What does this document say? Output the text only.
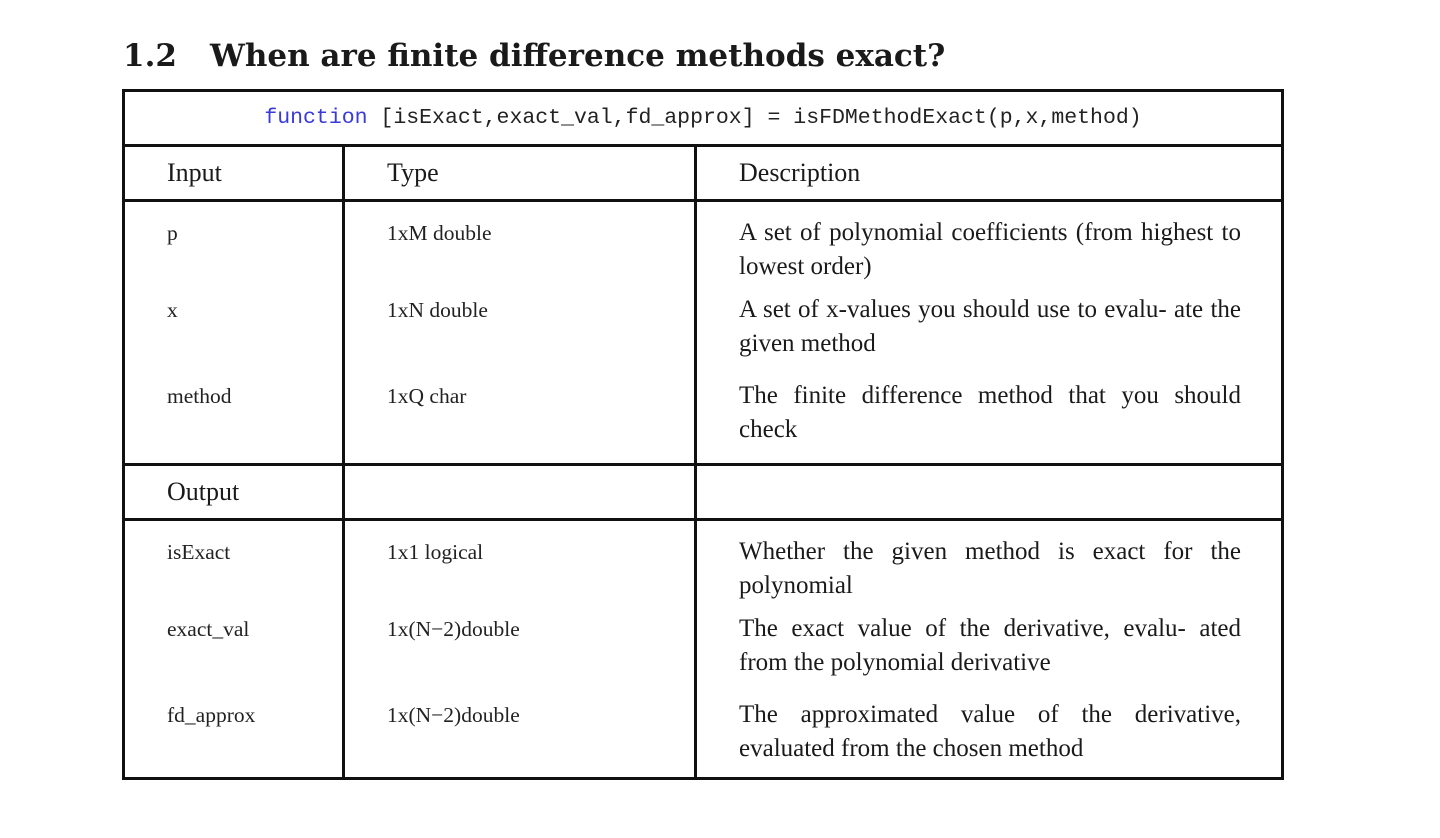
1.2 When are finite difference methods exact?
function [isExact,exact_val,fd_approx] = isFDMethodExact(p,x,method)		
Input	Type	Description
p	1xM double	A set of polynomial coefficients (from highest to lowest order)
x	1xN double	A set of x-values you should use to evalu- ate the given method
method	1xQ char	The finite difference method that you should check
Output		
isExact	1x1 logical	Whether the given method is exact for the polynomial
exact_val	1x(N−2)double	The exact value of the derivative, evalu- ated from the polynomial derivative
fd_approx	1x(N−2)double	The approximated value of the derivative, evaluated from the chosen method
